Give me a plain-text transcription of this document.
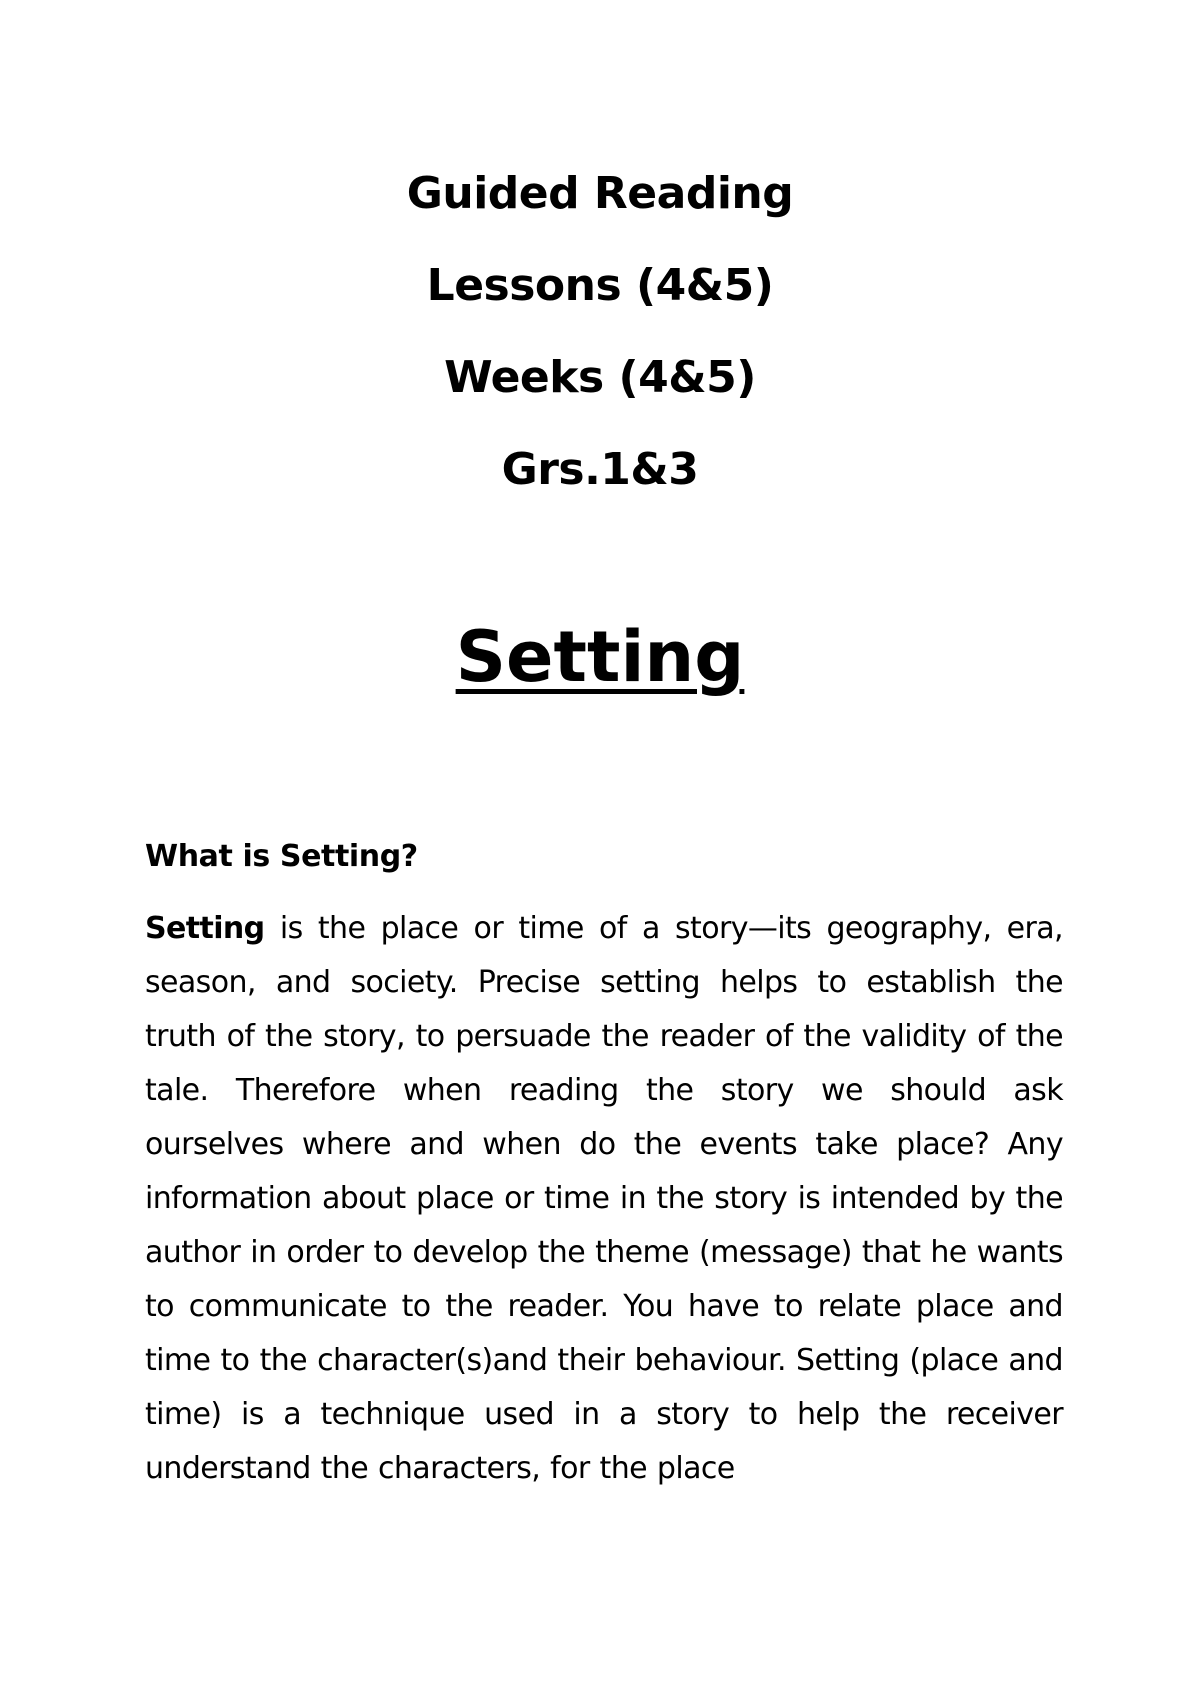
Guided Reading
Lessons (4&5)
Weeks (4&5)
Grs.1&3
Setting

What is Setting?

Setting is the place or time of a story—its geography, era, season, and society. Precise setting helps to establish the truth of the story, to persuade the reader of the validity of the tale. Therefore when reading the story we should ask ourselves where and when do the events take place? Any information about place or time in the story is intended by the author in order to develop the theme (message) that he wants to communicate to the reader. You have to relate place and time to the character(s)and their behaviour. Setting (place and time) is a technique used in a story to help the receiver understand the characters, for the place
